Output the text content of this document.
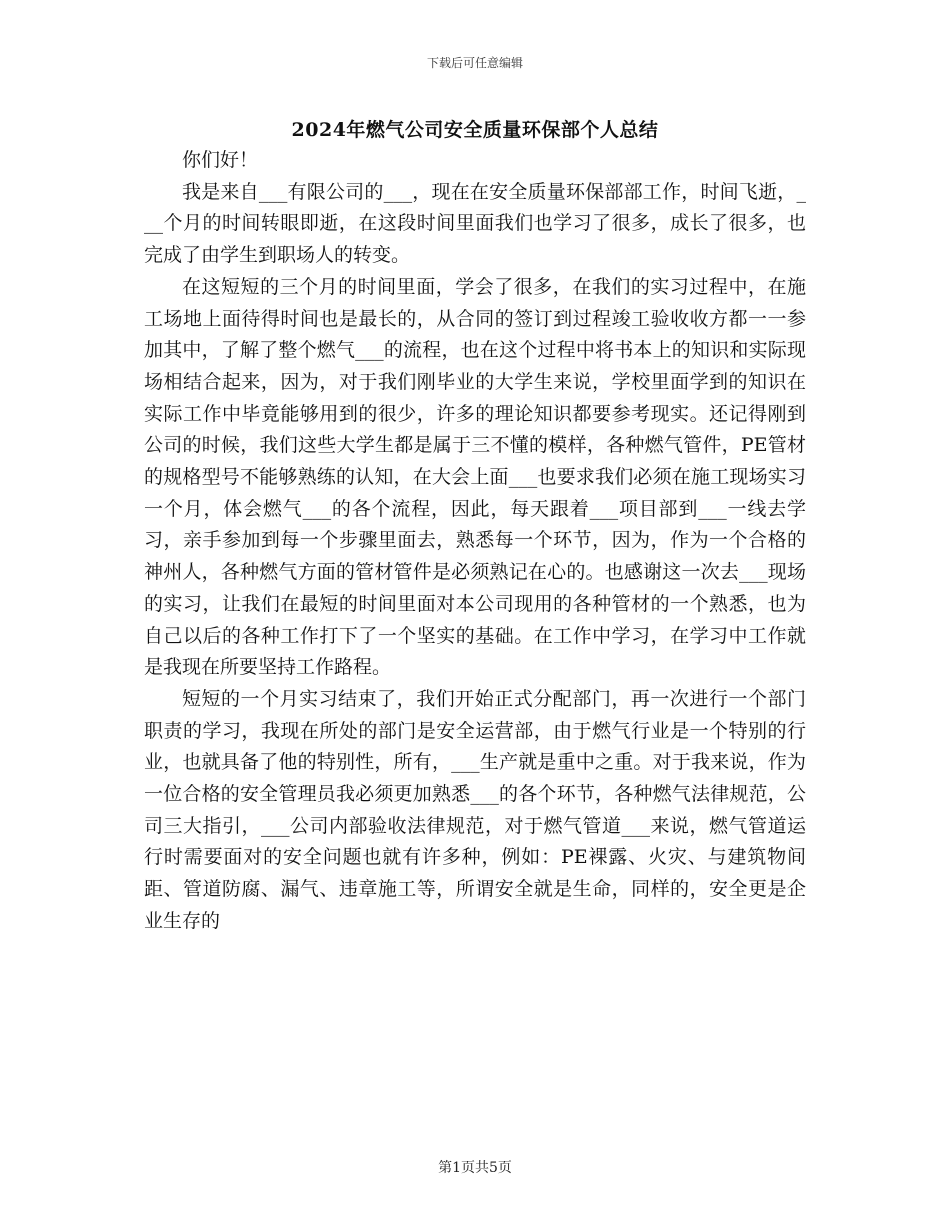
下载后可任意编辑
2024年燃气公司安全质量环保部个人总结

你们好！

我是来自___有限公司的___，现在在安全质量环保部部工作，时间飞逝，___个月的时间转眼即逝，在这段时间里面我们也学习了很多，成长了很多，也完成了由学生到职场人的转变。

在这短短的三个月的时间里面，学会了很多，在我们的实习过程中，在施工场地上面待得时间也是最长的，从合同的签订到过程竣工验收收方都一一参加其中，了解了整个燃气___的流程，也在这个过程中将书本上的知识和实际现场相结合起来，因为，对于我们刚毕业的大学生来说，学校里面学到的知识在实际工作中毕竟能够用到的很少，许多的理论知识都要参考现实。还记得刚到公司的时候，我们这些大学生都是属于三不懂的模样，各种燃气管件，PE管材的规格型号不能够熟练的认知，在大会上面___也要求我们必须在施工现场实习一个月，体会燃气___的各个流程，因此，每天跟着___项目部到___一线去学习，亲手参加到每一个步骤里面去，熟悉每一个环节，因为，作为一个合格的神州人，各种燃气方面的管材管件是必须熟记在心的。也感谢这一次去___现场的实习，让我们在最短的时间里面对本公司现用的各种管材的一个熟悉，也为自己以后的各种工作打下了一个坚实的基础。在工作中学习，在学习中工作就是我现在所要坚持工作路程。

短短的一个月实习结束了，我们开始正式分配部门，再一次进行一个部门职责的学习，我现在所处的部门是安全运营部，由于燃气行业是一个特别的行业，也就具备了他的特别性，所有，___生产就是重中之重。对于我来说，作为一位合格的安全管理员我必须更加熟悉___的各个环节，各种燃气法律规范，公司三大指引，___公司内部验收法律规范，对于燃气管道___来说，燃气管道运行时需要面对的安全问题也就有许多种，例如：PE裸露、火灾、与建筑物间距、管道防腐、漏气、违章施工等，所谓安全就是生命，同样的，安全更是企业生存的

第1页共5页
